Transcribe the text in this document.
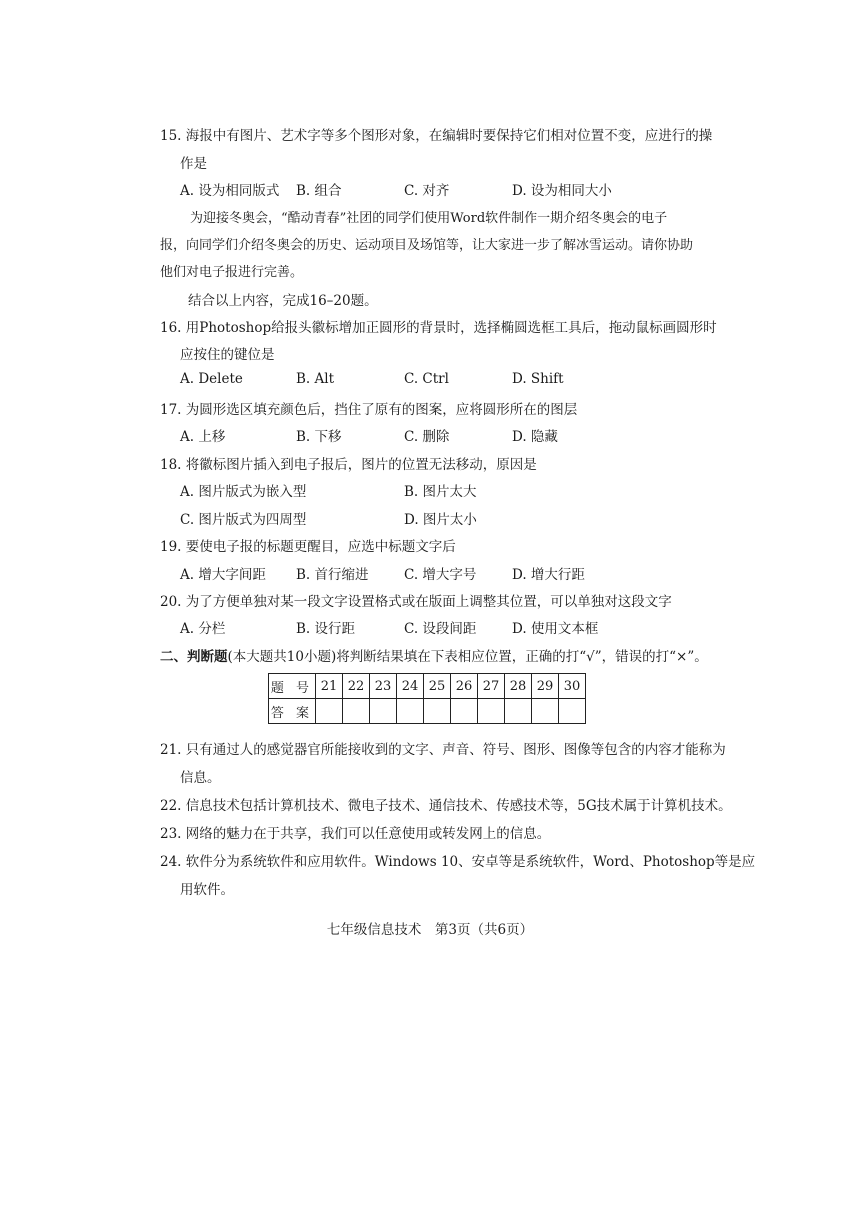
15. 海报中有图片、艺术字等多个图形对象，在编辑时要保持它们相对位置不变，应进行的操
作是
A. 设为相同版式 B. 组合	C. 对齐	D. 设为相同大小
为迎接冬奥会，“酷动青春”社团的同学们使用Word软件制作一期介绍冬奥会的电子
报，向同学们介绍冬奥会的历史、运动项目及场馆等，让大家进一步了解冰雪运动。请你协助
他们对电子报进行完善。
结合以上内容，完成16–20题。
16. 用Photoshop给报头徽标增加正圆形的背景时，选择椭圆选框工具后，拖动鼠标画圆形时
应按住的键位是
A. Delete	B. Alt	C. Ctrl	D. Shift
17. 为圆形选区填充颜色后，挡住了原有的图案，应将圆形所在的图层
A. 上移	B. 下移	C. 删除	D. 隐藏
18. 将徽标图片插入到电子报后，图片的位置无法移动，原因是
A. 图片版式为嵌入型	B. 图片太大
C. 图片版式为四周型	D. 图片太小
19. 要使电子报的标题更醒目，应选中标题文字后
A. 增大字间距 B. 首行缩进	C. 增大字号	D. 增大行距
20. 为了方便单独对某一段文字设置格式或在版面上调整其位置，可以单独对这段文字
A. 分栏	B. 设行距	C. 设段间距	D. 使用文本框
二、判断题(本大题共10小题)将判断结果填在下表相应位置，正确的打“√”，错误的打“×”。
题 号	21	22	23	24	25	26	27	28	29	30
答 案										
21. 只有通过人的感觉器官所能接收到的文字、声音、符号、图形、图像等包含的内容才能称为
信息。
22. 信息技术包括计算机技术、微电子技术、通信技术、传感技术等，5G技术属于计算机技术。
23. 网络的魅力在于共享，我们可以任意使用或转发网上的信息。
24. 软件分为系统软件和应用软件。Windows 10、安卓等是系统软件，Word、Photoshop等是应
用软件。
七年级信息技术　第3页（共6页）
